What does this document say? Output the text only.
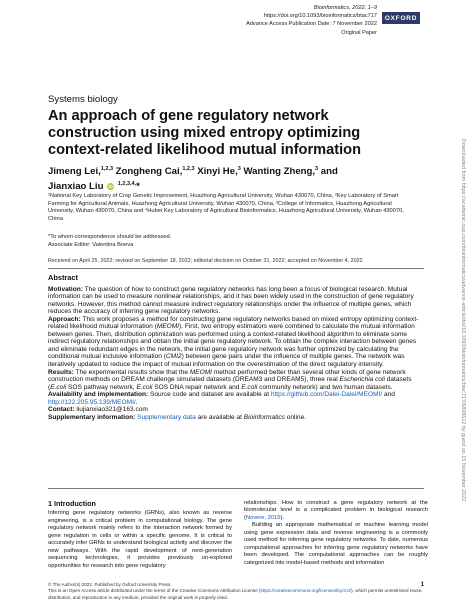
Bioinformatics, 2022, 1–9
https://doi.org/10.1093/bioinformatics/btac717
Advance Access Publication Date: 7 November 2022
Original Paper
OXFORD
Systems biology
An approach of gene regulatory network construction using mixed entropy optimizing context-related likelihood mutual information
Jimeng Lei,$^{1,2,3}$ Zongheng Cai,$^{1,2,3}$ Xinyi He,$^3$ Wanting Zheng,$^3$ and
Jianxiao Liu iD $^{1,2,3,4,}$*
¹National Key Laboratory of Crop Genetic Improvement, Huazhong Agricultural University, Wuhan 430070, China, ²Key Laboratory of Smart Farming for Agricultural Animals, Huazhong Agricultural University, Wuhan 430070, China, ³College of Informatics, Huazhong Agricultural University, Wuhan 430070, China and ⁴Hubei Key Laboratory of Agricultural Bioinformatics, Huazhong Agricultural University, Wuhan 430070, China
*To whom correspondence should be addressed.
Associate Editor: Valentina Boeva
Received on April 25, 2022; revised on September 18, 2022; editorial decision on October 31, 2022; accepted on November 4, 2022
Abstract

Motivation: The question of how to construct gene regulatory networks has long been a focus of biological research. Mutual information can be used to measure nonlinear relationships, and it has been widely used in the construction of gene regulatory networks. However, this method cannot measure indirect regulatory relationships under the influence of multiple genes, which reduces the accuracy of inferring gene regulatory networks.

Approach: This work proposes a method for constructing gene regulatory networks based on mixed entropy optimizing context-related likelihood mutual information (MEOMI). First, two entropy estimators were combined to calculate the mutual information between genes. Then, distribution optimization was performed using a context-related likelihood algorithm to eliminate some indirect regulatory relationships and obtain the initial gene regulatory network. To obtain the complex interaction between genes and eliminate redundant edges in the network, the initial gene regulatory network was further optimized by calculating the conditional mutual inclusive information (CMI2) between gene pairs under the influence of multiple genes. The network was iteratively updated to reduce the impact of mutual information on the overestimation of the direct regulatory intensity.

Results: The experimental results show that the MEOMI method performed better than several other kinds of gene network construction methods on DREAM challenge simulated datasets (DREAM3 and DREAM5), three real Escherichia coli datasets (E.coli SOS pathway network, E.coli SOS DNA repair network and E.coli community network) and two human datasets.

Availability and implementation: Source code and dataset are available at https://github.com/Dalei-Dalei/MEOMI/ and http://122.205.95.139/MEOMI/.

Contact: liujianxiao321@163.com

Supplementary information: Supplementary data are available at Bioinformatics online.

1 Introduction

Inferring gene regulatory networks (GRNs), also known as reverse engineering, is a critical problem in computational biology. The gene regulatory network mainly refers to the interaction network formed by gene regulation in cells or within a specific genome. It is critical to accurately infer GRNs to understand biological activity and discover the new pathways. With the rapid development of next-generation sequencing technologies, it provides previously un-explored opportunities for research into gene regulatory

relationships. How to construct a gene regulatory network at the biomolecular level is a complicated problem in biological research (Novere, 2015).

Building an appropriate mathematical or machine learning model using gene expression data and reverse engineering is a commonly used method for inferring gene regulatory networks. To date, numerous computational approaches for inferring gene regulatory networks have been developed. The computational approaches can be roughly categorized into model-based methods and information

© The Author(s) 2022. Published by Oxford University Press.
This is an Open Access article distributed under the terms of the Creative Commons Attribution License (https://creativecommons.org/licenses/by/4.0/), which permits unrestricted reuse, distribution, and reproduction in any medium, provided the original work is properly cited.
1
Downloaded from https://academic.oup.com/bioinformatics/advance-article/doi/10.1093/bioinformatics/btac717/6808612 by guest on 15 November 2022
